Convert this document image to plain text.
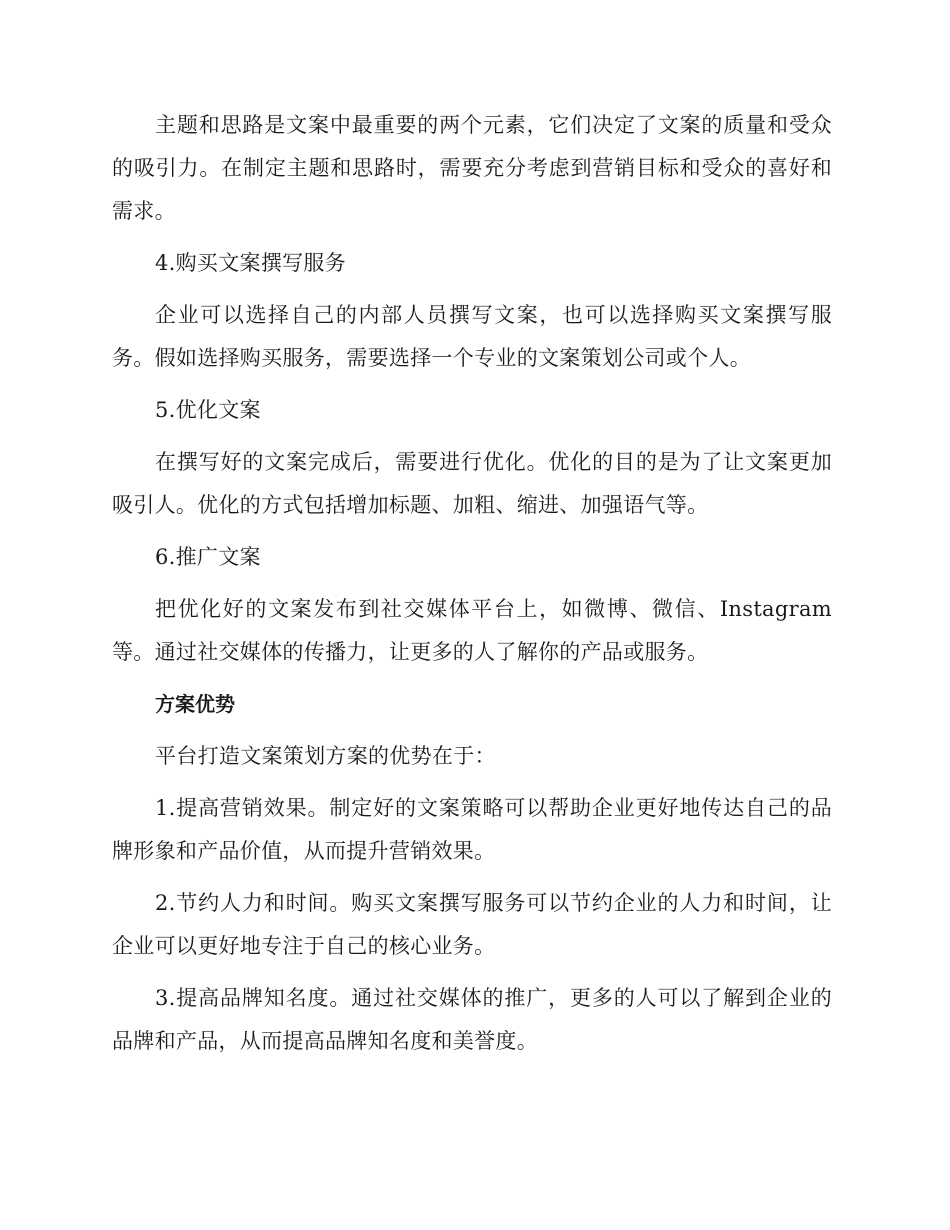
主题和思路是文案中最重要的两个元素，它们决定了文案的质量和受众的吸引力。在制定主题和思路时，需要充分考虑到营销目标和受众的喜好和需求。

4.购买文案撰写服务

企业可以选择自己的内部人员撰写文案，也可以选择购买文案撰写服务。假如选择购买服务，需要选择一个专业的文案策划公司或个人。

5.优化文案

在撰写好的文案完成后，需要进行优化。优化的目的是为了让文案更加吸引人。优化的方式包括增加标题、加粗、缩进、加强语气等。

6.推广文案

把优化好的文案发布到社交媒体平台上，如微博、微信、Instagram等。通过社交媒体的传播力，让更多的人了解你的产品或服务。

方案优势

平台打造文案策划方案的优势在于：

1.提高营销效果。制定好的文案策略可以帮助企业更好地传达自己的品牌形象和产品价值，从而提升营销效果。

2.节约人力和时间。购买文案撰写服务可以节约企业的人力和时间，让企业可以更好地专注于自己的核心业务。

3.提高品牌知名度。通过社交媒体的推广，更多的人可以了解到企业的品牌和产品，从而提高品牌知名度和美誉度。
